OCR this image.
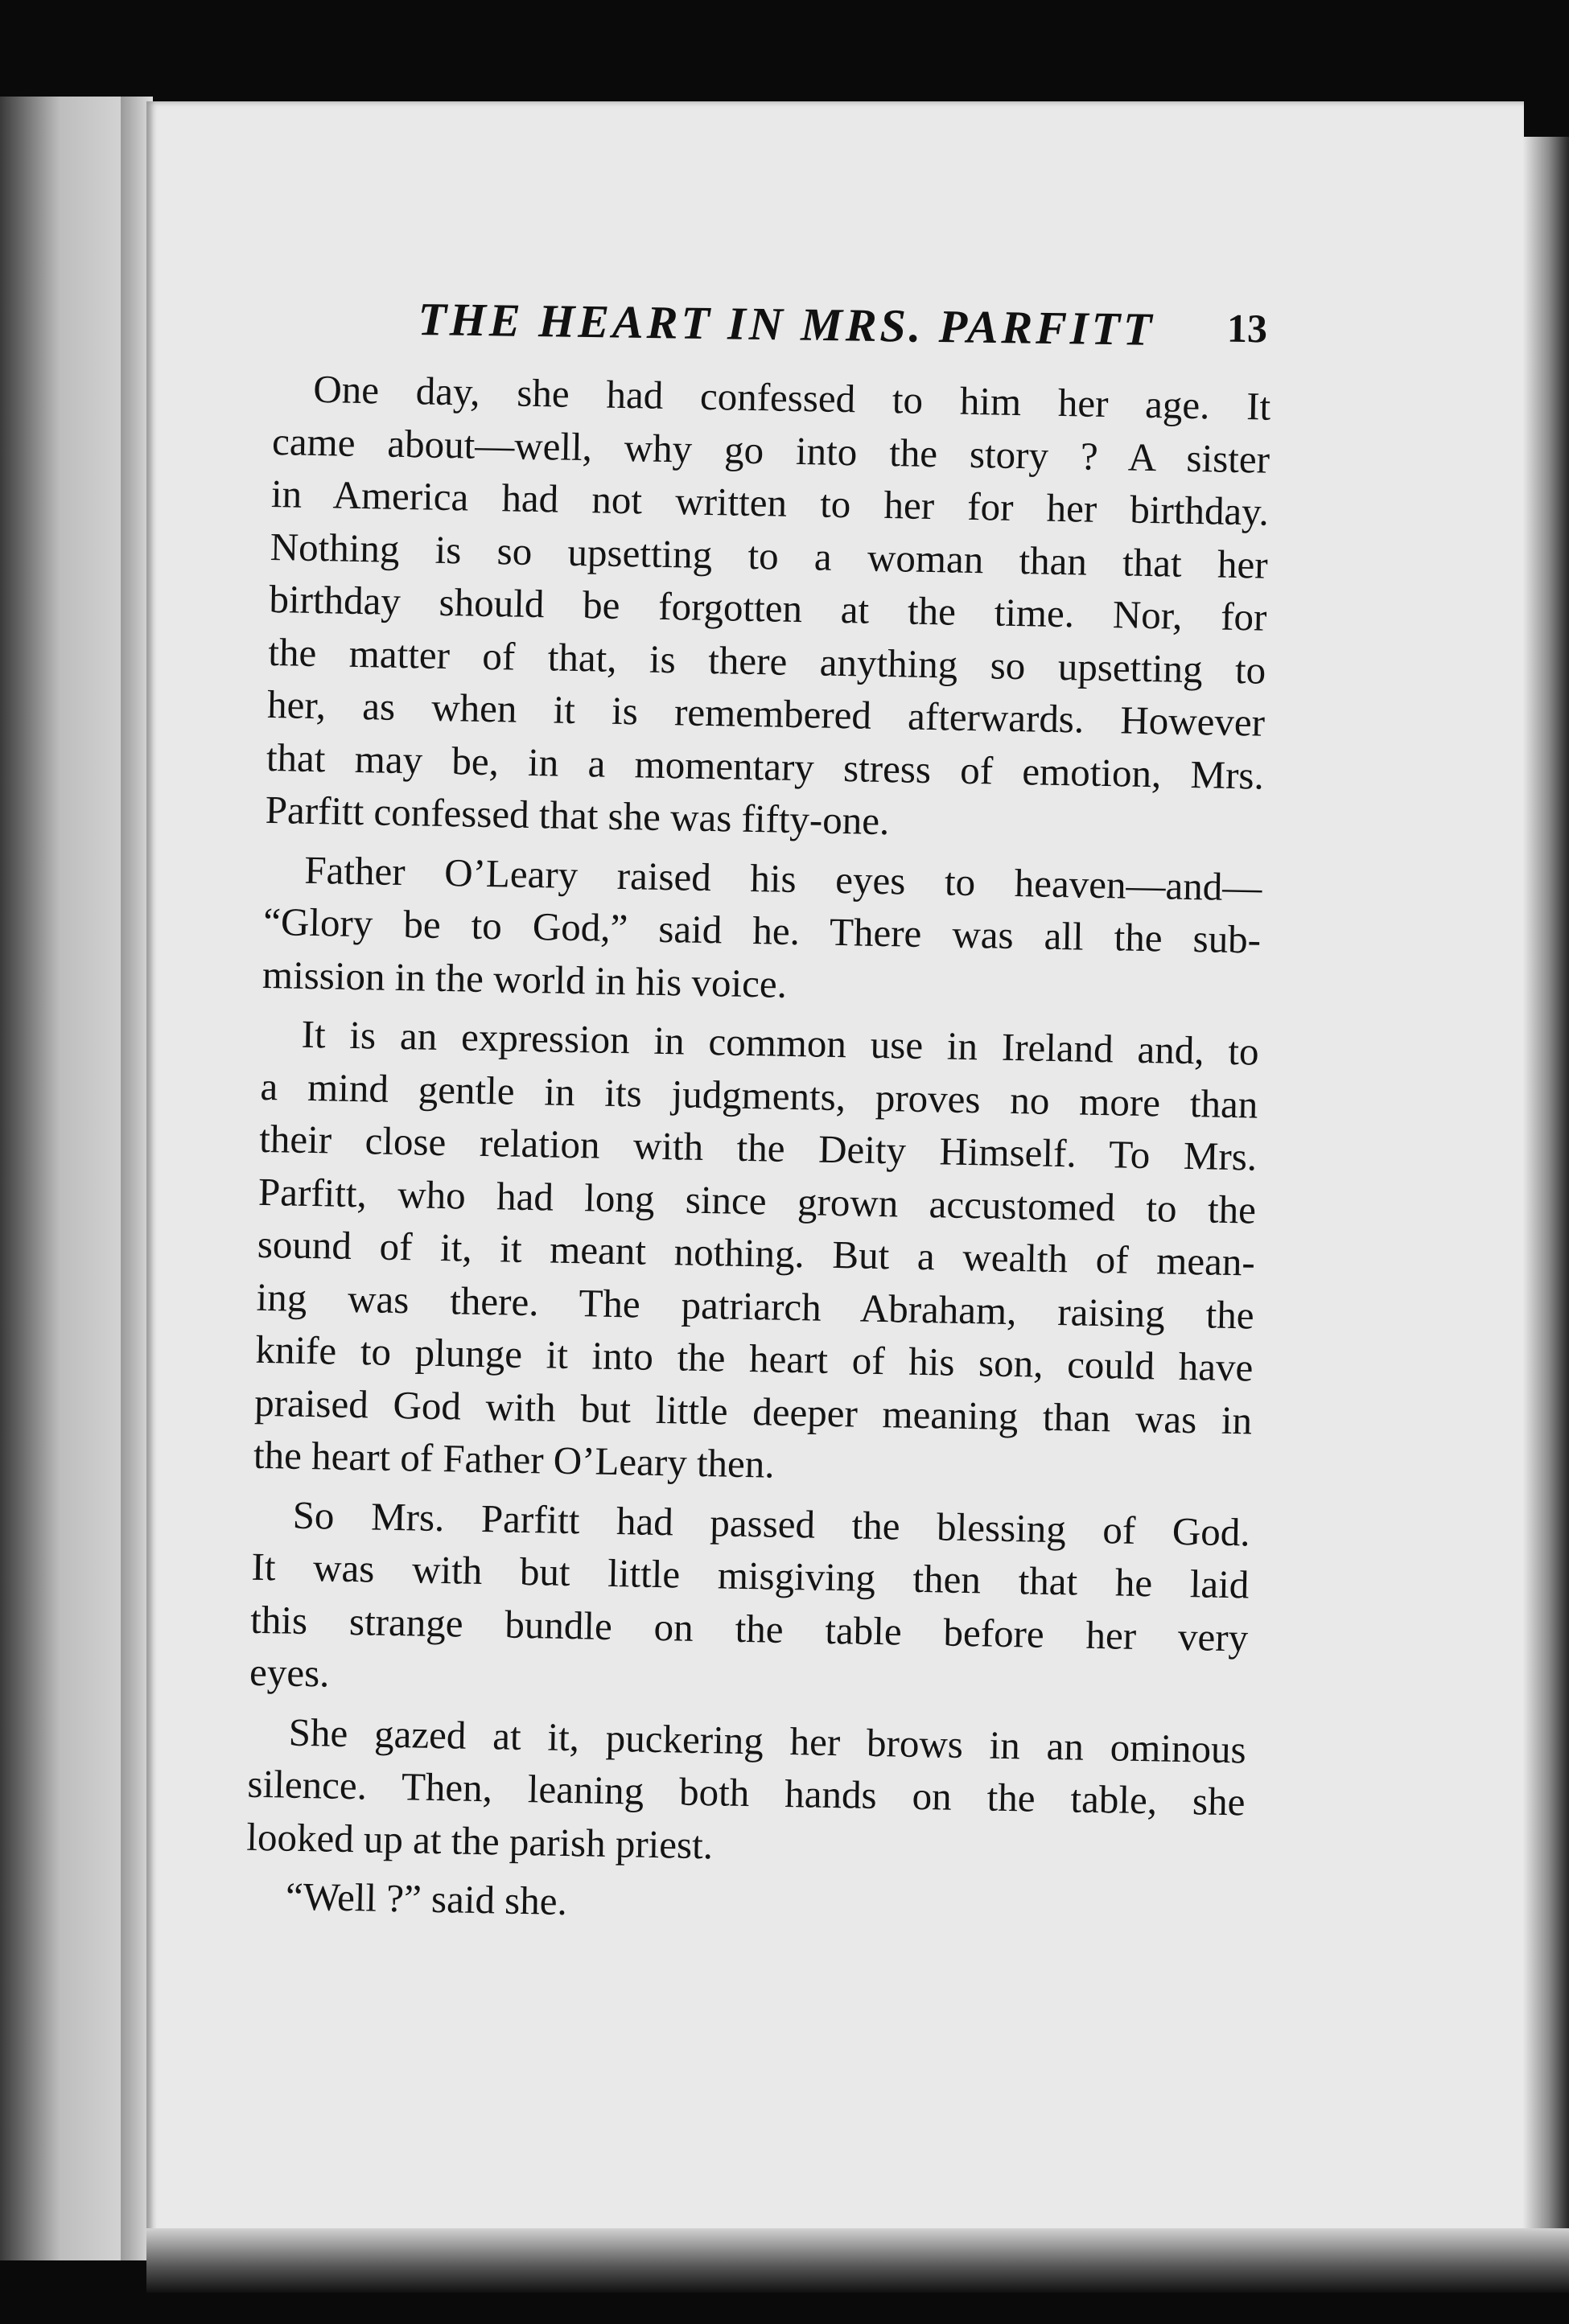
THE HEART IN MRS. PARFITT 13
One day, she had confessed to him her age. It
came about—well, why go into the story ? A sister
in America had not written to her for her birthday.
Nothing is so upsetting to a woman than that her
birthday should be forgotten at the time. Nor, for
the matter of that, is there anything so upsetting to
her, as when it is remembered afterwards. However
that may be, in a momentary stress of emotion, Mrs.
Parfitt confessed that she was fifty-one.
Father O’Leary raised his eyes to heaven—and—
“Glory be to God,” said he. There was all the sub-
mission in the world in his voice.
It is an expression in common use in Ireland and, to
a mind gentle in its judgments, proves no more than
their close relation with the Deity Himself. To Mrs.
Parfitt, who had long since grown accustomed to the
sound of it, it meant nothing. But a wealth of mean-
ing was there. The patriarch Abraham, raising the
knife to plunge it into the heart of his son, could have
praised God with but little deeper meaning than was in
the heart of Father O’Leary then.
So Mrs. Parfitt had passed the blessing of God.
It was with but little misgiving then that he laid
this strange bundle on the table before her very
eyes.
She gazed at it, puckering her brows in an ominous
silence. Then, leaning both hands on the table, she
looked up at the parish priest.
“Well ?” said she.
